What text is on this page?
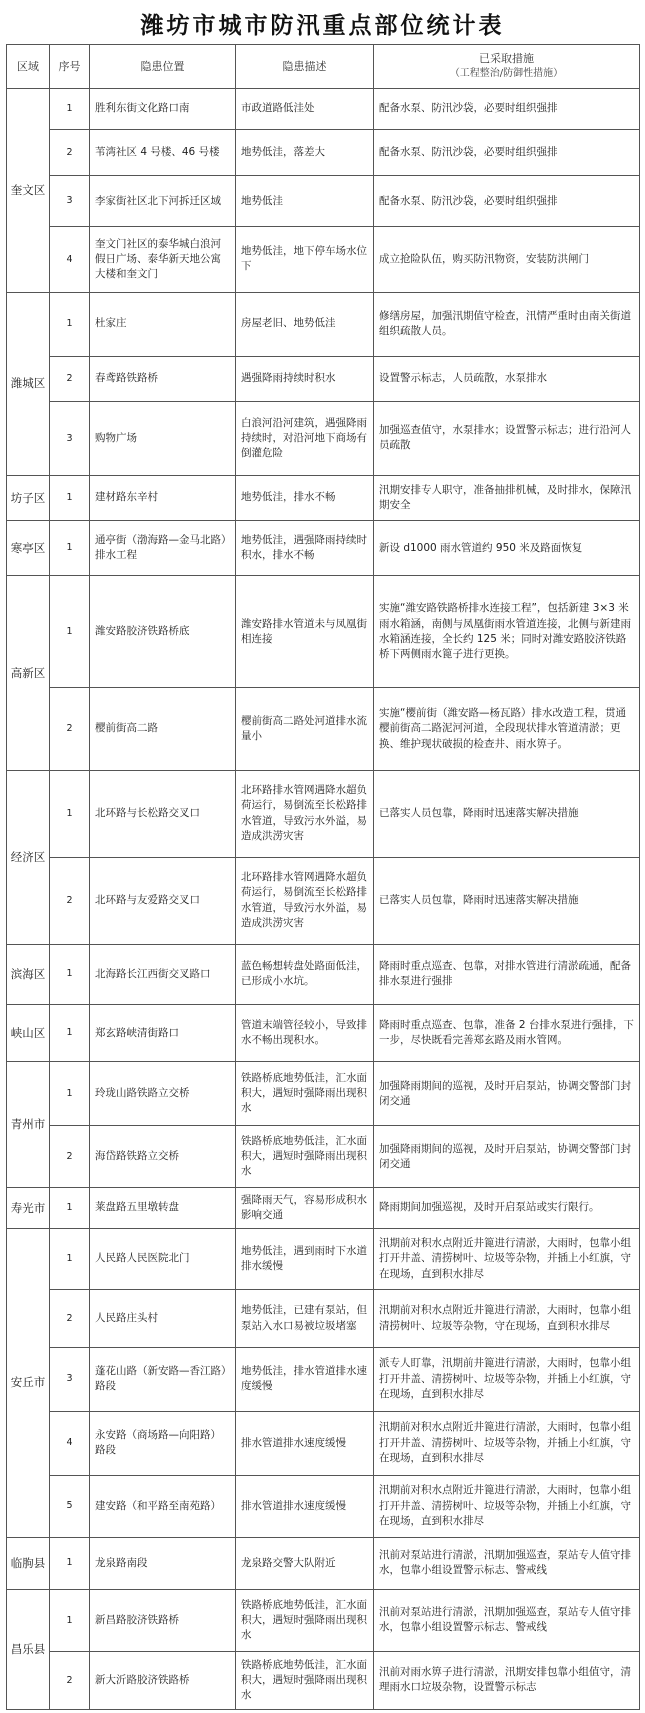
潍坊市城市防汛重点部位统计表
区域	序号	隐患位置	隐患描述	已采取措施
（工程整治/防御性措施）

奎文区	1	胜利东街文化路口南	市政道路低洼处	配备水泵、防汛沙袋，必要时组织强排
	2	苇湾社区 4 号楼、46 号楼	地势低洼，落差大	配备水泵、防汛沙袋，必要时组织强排
	3	李家街社区北下河拆迁区域	地势低洼	配备水泵、防汛沙袋，必要时组织强排
	4	奎文门社区的泰华城白浪河假日广场、泰华新天地公寓大楼和奎文门	地势低洼，地下停车场水位下	成立抢险队伍，购买防汛物资，安装防洪闸门
潍城区	1	杜家庄	房屋老旧、地势低洼	修缮房屋，加强汛期值守检查，汛情严重时由南关街道组织疏散人员。
	2	春鸢路铁路桥	遇强降雨持续时积水	设置警示标志，人员疏散，水泵排水
	3	购物广场	白浪河沿河建筑，遇强降雨持续时，对沿河地下商场有倒灌危险	加强巡查值守，水泵排水；设置警示标志；进行沿河人员疏散
坊子区	1	建材路东辛村	地势低洼，排水不畅	汛期安排专人职守，准备抽排机械，及时排水，保障汛期安全
寒亭区	1	通亭街（渤海路—金马北路）排水工程	地势低洼，遇强降雨持续时积水，排水不畅	新设 d1000 雨水管道约 950 米及路面恢复
高新区	1	潍安路胶济铁路桥底	潍安路排水管道未与凤凰街相连接	实施“潍安路铁路桥排水连接工程”，包括新建 3×3 米雨水箱涵，南侧与凤凰街雨水管道连接，北侧与新建雨水箱涵连接，全长约 125 米；同时对潍安路胶济铁路桥下两侧雨水篦子进行更换。
	2	樱前街高二路	樱前街高二路处河道排水流量小	实施“樱前街（潍安路—杨瓦路）排水改造工程，贯通樱前街高二路泥河河道，全段现状排水管道清淤；更换、维护现状破损的检查井、雨水箅子。
经济区	1	北环路与长松路交叉口	北环路排水管网遇降水超负荷运行，易倒流至长松路排水管道，导致污水外溢，易造成洪涝灾害	已落实人员包靠，降雨时迅速落实解决措施
	2	北环路与友爱路交叉口	北环路排水管网遇降水超负荷运行，易倒流至长松路排水管道，导致污水外溢，易造成洪涝灾害	已落实人员包靠，降雨时迅速落实解决措施
滨海区	1	北海路长江西街交叉路口	蓝色畅想转盘处路面低洼，已形成小水坑。	降雨时重点巡查、包靠，对排水管进行清淤疏通，配备排水泵进行强排
峡山区	1	郑玄路峡清街路口	管道末端管径较小，导致排水不畅出现积水。	降雨时重点巡查、包靠，准备 2 台排水泵进行强排，下一步，尽快既看完善郑玄路及雨水管网。
青州市	1	玲珑山路铁路立交桥	铁路桥底地势低洼，汇水面积大，遇短时强降雨出现积水	加强降雨期间的巡视，及时开启泵站，协调交警部门封闭交通
	2	海岱路铁路立交桥	铁路桥底地势低洼，汇水面积大，遇短时强降雨出现积水	加强降雨期间的巡视，及时开启泵站，协调交警部门封闭交通
寿光市	1	莱盘路五里墩转盘	强降雨天气，容易形成积水影响交通	降雨期间加强巡视，及时开启泵站或实行限行。
安丘市	1	人民路人民医院北门	地势低洼，遇到雨时下水道排水缓慢	汛期前对积水点附近井篦进行清淤，大雨时，包靠小组打开井盖、清捞树叶、垃圾等杂物，并插上小红旗，守在现场，直到积水排尽
	2	人民路庄头村	地势低洼，已建有泵站，但泵站入水口易被垃圾堵塞	汛期前对积水点附近井篦进行清淤，大雨时，包靠小组清捞树叶、垃圾等杂物，守在现场，直到积水排尽
	3	蓬花山路（新安路—香江路）路段	地势低洼，排水管道排水速度缓慢	派专人盯靠，汛期前井篦进行清淤，大雨时，包靠小组打开井盖、清捞树叶、垃圾等杂物，并插上小红旗，守在现场，直到积水排尽
	4	永安路（商场路—向阳路）路段	排水管道排水速度缓慢	汛期前对积水点附近井篦进行清淤，大雨时，包靠小组打开井盖、清捞树叶、垃圾等杂物，并插上小红旗，守在现场，直到积水排尽
	5	建安路（和平路至南苑路）	排水管道排水速度缓慢	汛期前对积水点附近井篦进行清淤，大雨时，包靠小组打开井盖、清捞树叶、垃圾等杂物，并插上小红旗，守在现场，直到积水排尽
临朐县	1	龙泉路南段	龙泉路交警大队附近	汛前对泵站进行清淤，汛期加强巡查，泵站专人值守排水，包靠小组设置警示标志、警戒线
昌乐县	1	新昌路胶济铁路桥	铁路桥底地势低洼，汇水面积大，遇短时强降雨出现积水	汛前对泵站进行清淤，汛期加强巡查，泵站专人值守排水，包靠小组设置警示标志、警戒线
	2	新大沂路胶济铁路桥	铁路桥底地势低洼，汇水面积大，遇短时强降雨出现积水	汛前对雨水箅子进行清淤，汛期安排包靠小组值守，清理雨水口垃圾杂物，设置警示标志
